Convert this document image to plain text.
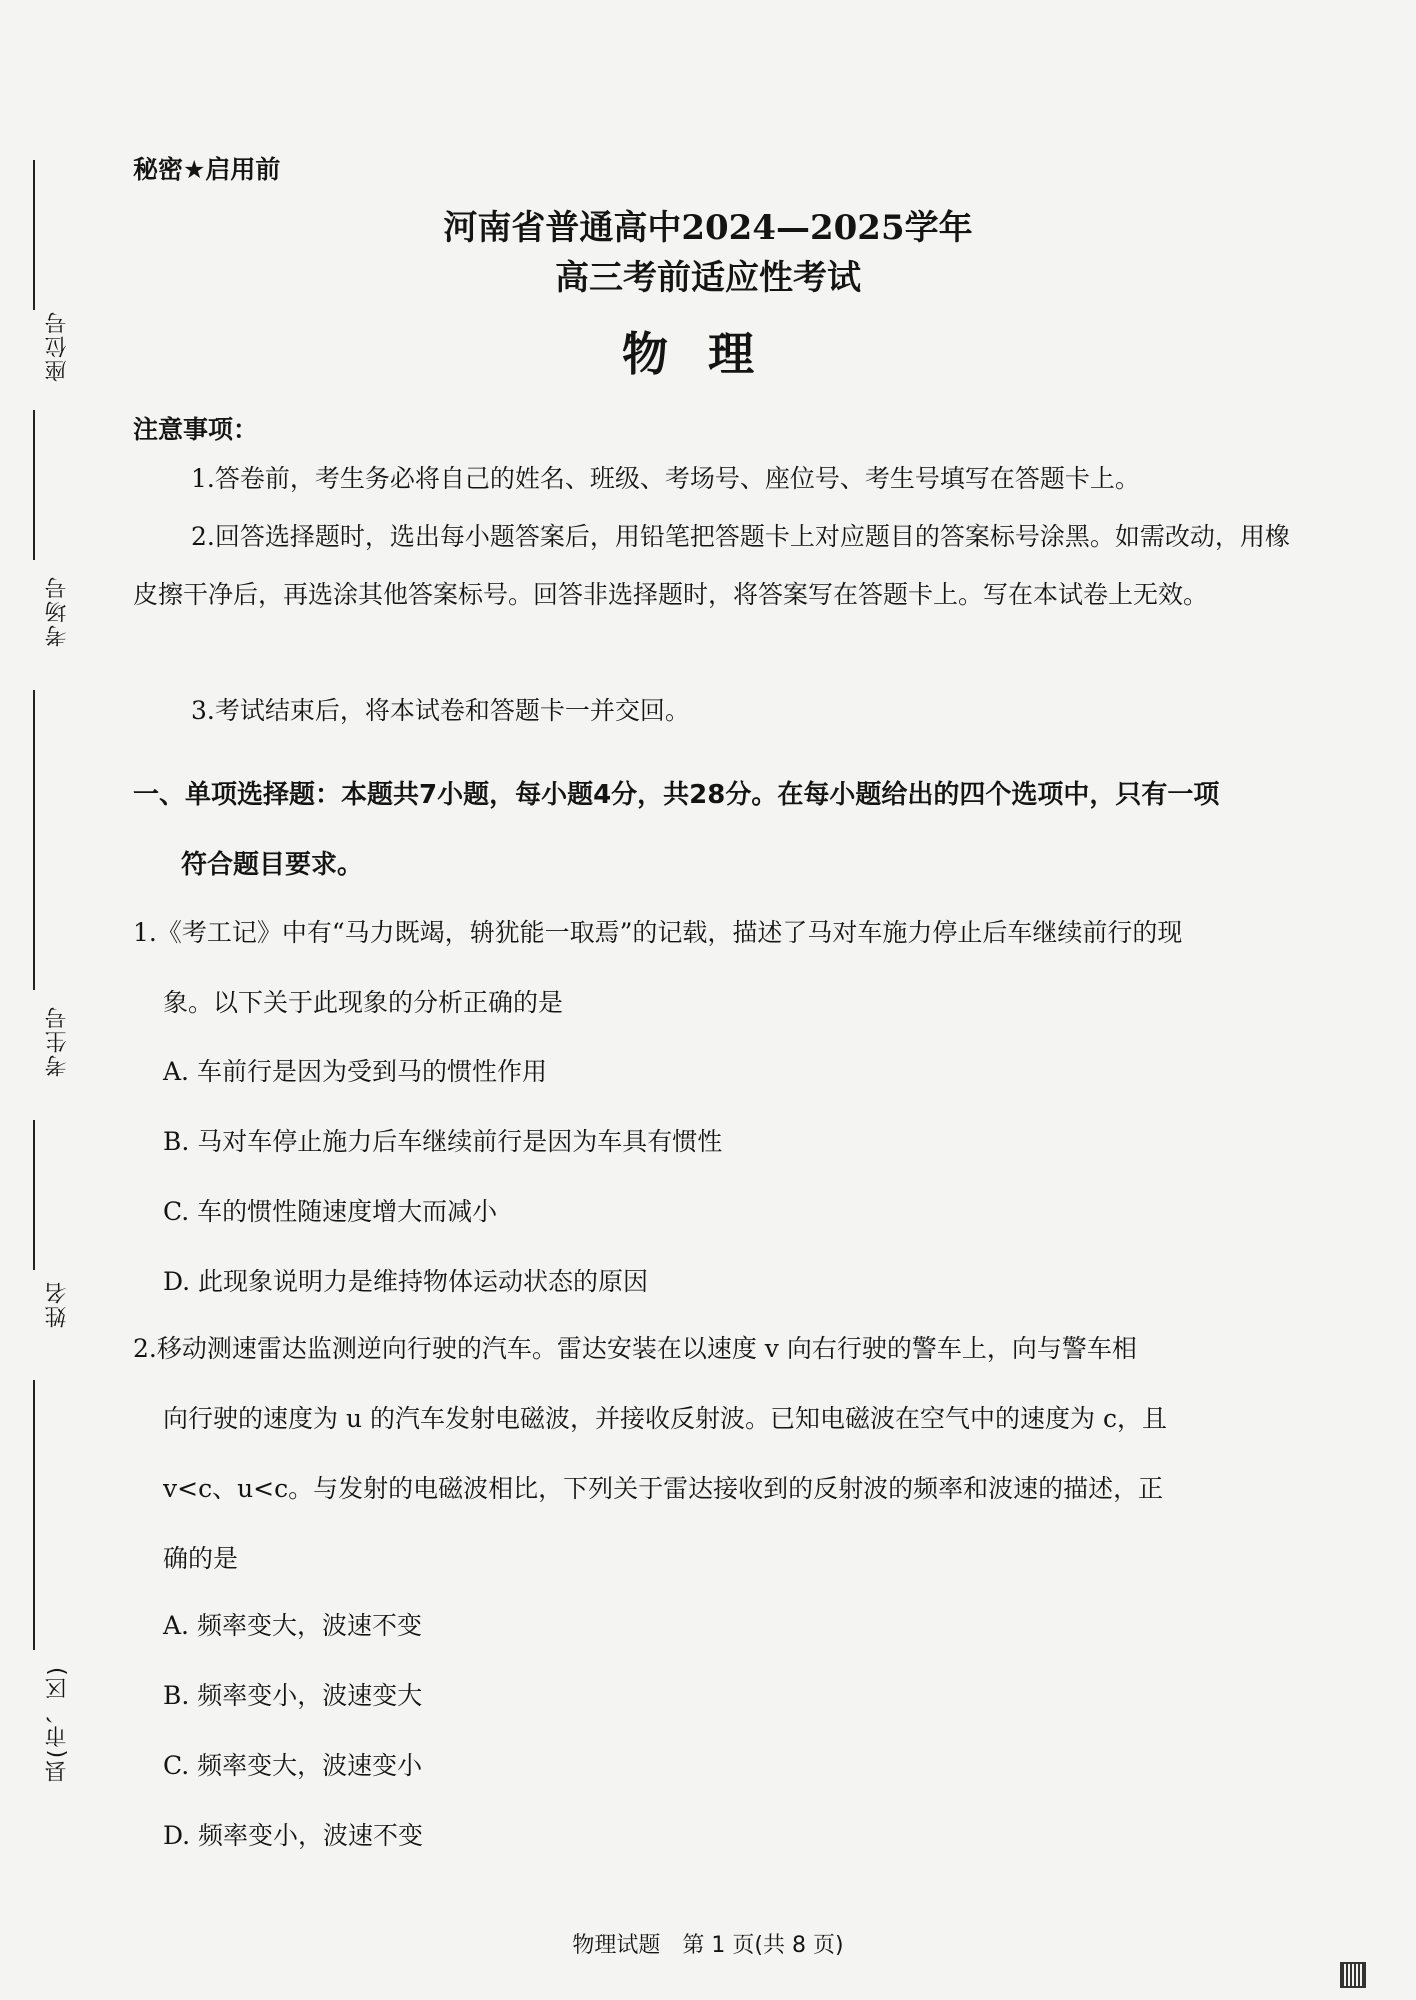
座位号
考场号
考生号
姓名
县(市、区)
秘密★启用前
河南省普通高中2024—2025学年
高三考前适应性考试
物理
注意事项：
1.答卷前，考生务必将自己的姓名、班级、考场号、座位号、考生号填写在答题卡上。
2.回答选择题时，选出每小题答案后，用铅笔把答题卡上对应题目的答案标号涂黑。如需改动，用橡皮擦干净后，再选涂其他答案标号。回答非选择题时，将答案写在答题卡上。写在本试卷上无效。
3.考试结束后，将本试卷和答题卡一并交回。
一、单项选择题：本题共7小题，每小题4分，共28分。在每小题给出的四个选项中，只有一项
符合题目要求。
1.《考工记》中有“马力既竭，辀犹能一取焉”的记载，描述了马对车施力停止后车继续前行的现
象。以下关于此现象的分析正确的是
A. 车前行是因为受到马的惯性作用
B. 马对车停止施力后车继续前行是因为车具有惯性
C. 车的惯性随速度增大而减小
D. 此现象说明力是维持物体运动状态的原因
2.移动测速雷达监测逆向行驶的汽车。雷达安装在以速度 v 向右行驶的警车上，向与警车相
向行驶的速度为 u 的汽车发射电磁波，并接收反射波。已知电磁波在空气中的速度为 c，且
v<c、u<c。与发射的电磁波相比，下列关于雷达接收到的反射波的频率和波速的描述，正
确的是
A. 频率变大，波速不变
B. 频率变小，波速变大
C. 频率变大，波速变小
D. 频率变小，波速不变
物理试题　第 1 页(共 8 页)
